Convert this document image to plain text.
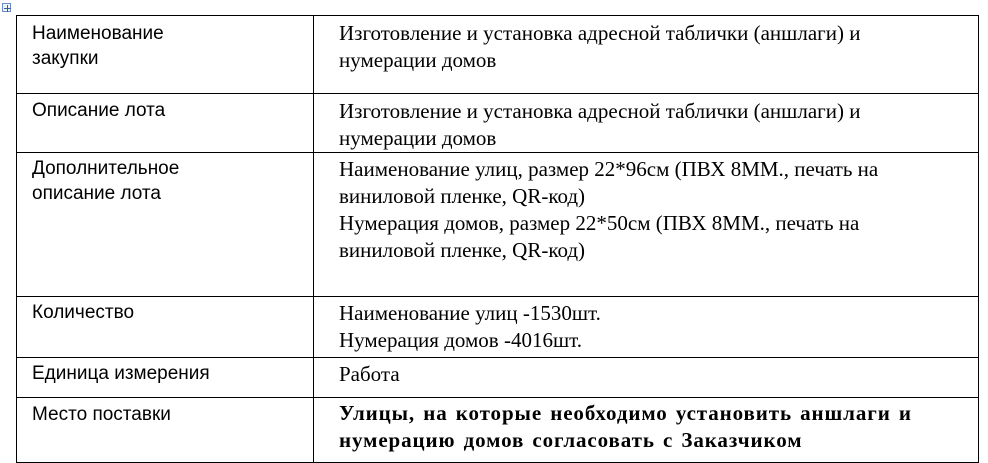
Наименование
закупки	Изготовление и установка адресной таблички (аншлаги) и
нумерации домов

Описание лота	Изготовление и установка адресной таблички (аншлаги) и
нумерации домов

Дополнительное
описание лота	Наименование улиц, размер 22*96см (ПВХ 8ММ., печать на
виниловой пленке, QR-код)
Нумерация домов, размер 22*50см (ПВХ 8ММ., печать на
виниловой пленке, QR-код)

Количество	Наименование улиц -1530шт.
Нумерация домов -4016шт.

Единица измерения	Работа

Место поставки	Улицы, на которые необходимо установить аншлаги и
нумерацию домов согласовать с Заказчиком
